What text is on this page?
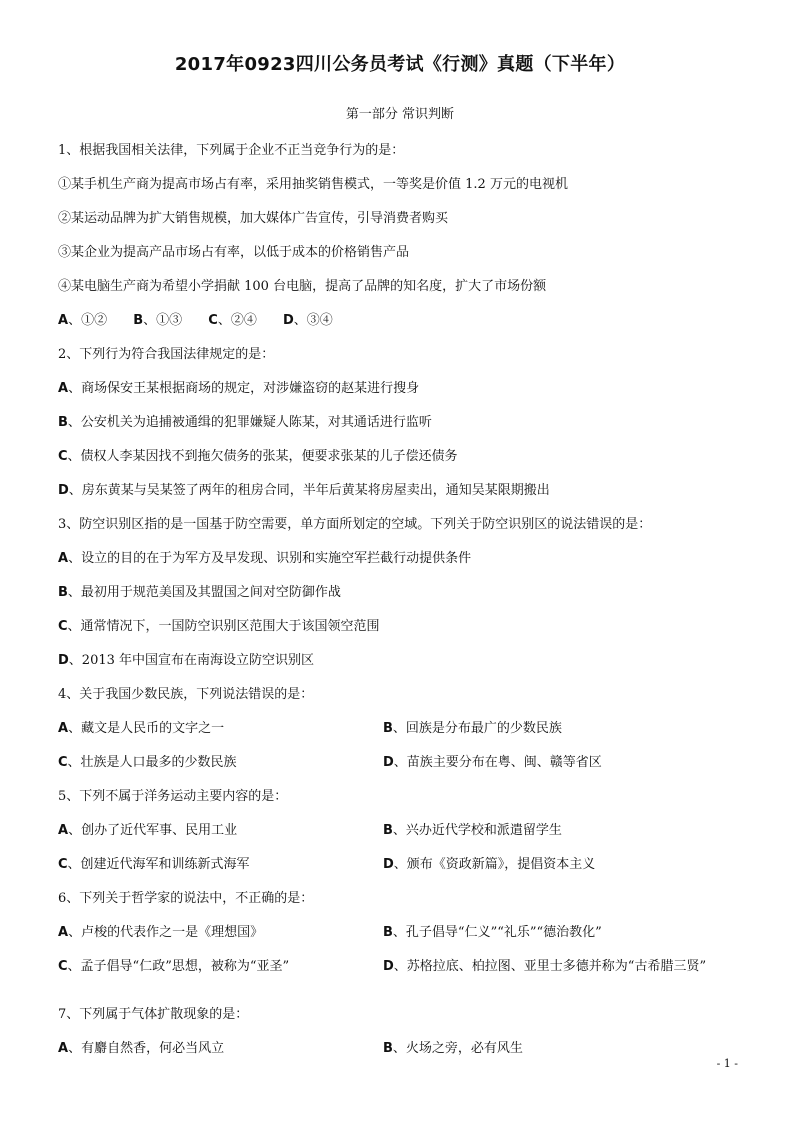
2017年0923四川公务员考试《行测》真题（下半年）
第一部分 常识判断
1、根据我国相关法律，下列属于企业不正当竞争行为的是：
①某手机生产商为提高市场占有率，采用抽奖销售模式，一等奖是价值 1.2 万元的电视机
②某运动品牌为扩大销售规模，加大媒体广告宣传，引导消费者购买
③某企业为提高产品市场占有率，以低于成本的价格销售产品
④某电脑生产商为希望小学捐献 100 台电脑，提高了品牌的知名度，扩大了市场份额
A、①② B、①③ C、②④ D、③④
2、下列行为符合我国法律规定的是：
A、商场保安王某根据商场的规定，对涉嫌盗窃的赵某进行搜身
B、公安机关为追捕被通缉的犯罪嫌疑人陈某，对其通话进行监听
C、债权人李某因找不到拖欠债务的张某，便要求张某的儿子偿还债务
D、房东黄某与吴某签了两年的租房合同，半年后黄某将房屋卖出，通知吴某限期搬出
3、防空识别区指的是一国基于防空需要，单方面所划定的空域。下列关于防空识别区的说法错误的是：
A、设立的目的在于为军方及早发现、识别和实施空军拦截行动提供条件
B、最初用于规范美国及其盟国之间对空防御作战
C、通常情况下，一国防空识别区范围大于该国领空范围
D、2013 年中国宣布在南海设立防空识别区
4、关于我国少数民族，下列说法错误的是：
A、藏文是人民币的文字之一	B、回族是分布最广的少数民族
C、壮族是人口最多的少数民族	D、苗族主要分布在粤、闽、赣等省区
5、下列不属于洋务运动主要内容的是：
A、创办了近代军事、民用工业	B、兴办近代学校和派遣留学生
C、创建近代海军和训练新式海军	D、颁布《资政新篇》，提倡资本主义
6、下列关于哲学家的说法中，不正确的是：
A、卢梭的代表作之一是《理想国》	B、孔子倡导“仁义”“礼乐”“德治教化”
C、孟子倡导“仁政”思想，被称为“亚圣”	D、苏格拉底、柏拉图、亚里士多德并称为“古希腊三贤”
7、下列属于气体扩散现象的是：
A、有麝自然香，何必当风立	B、火场之旁，必有风生
- 1 -
